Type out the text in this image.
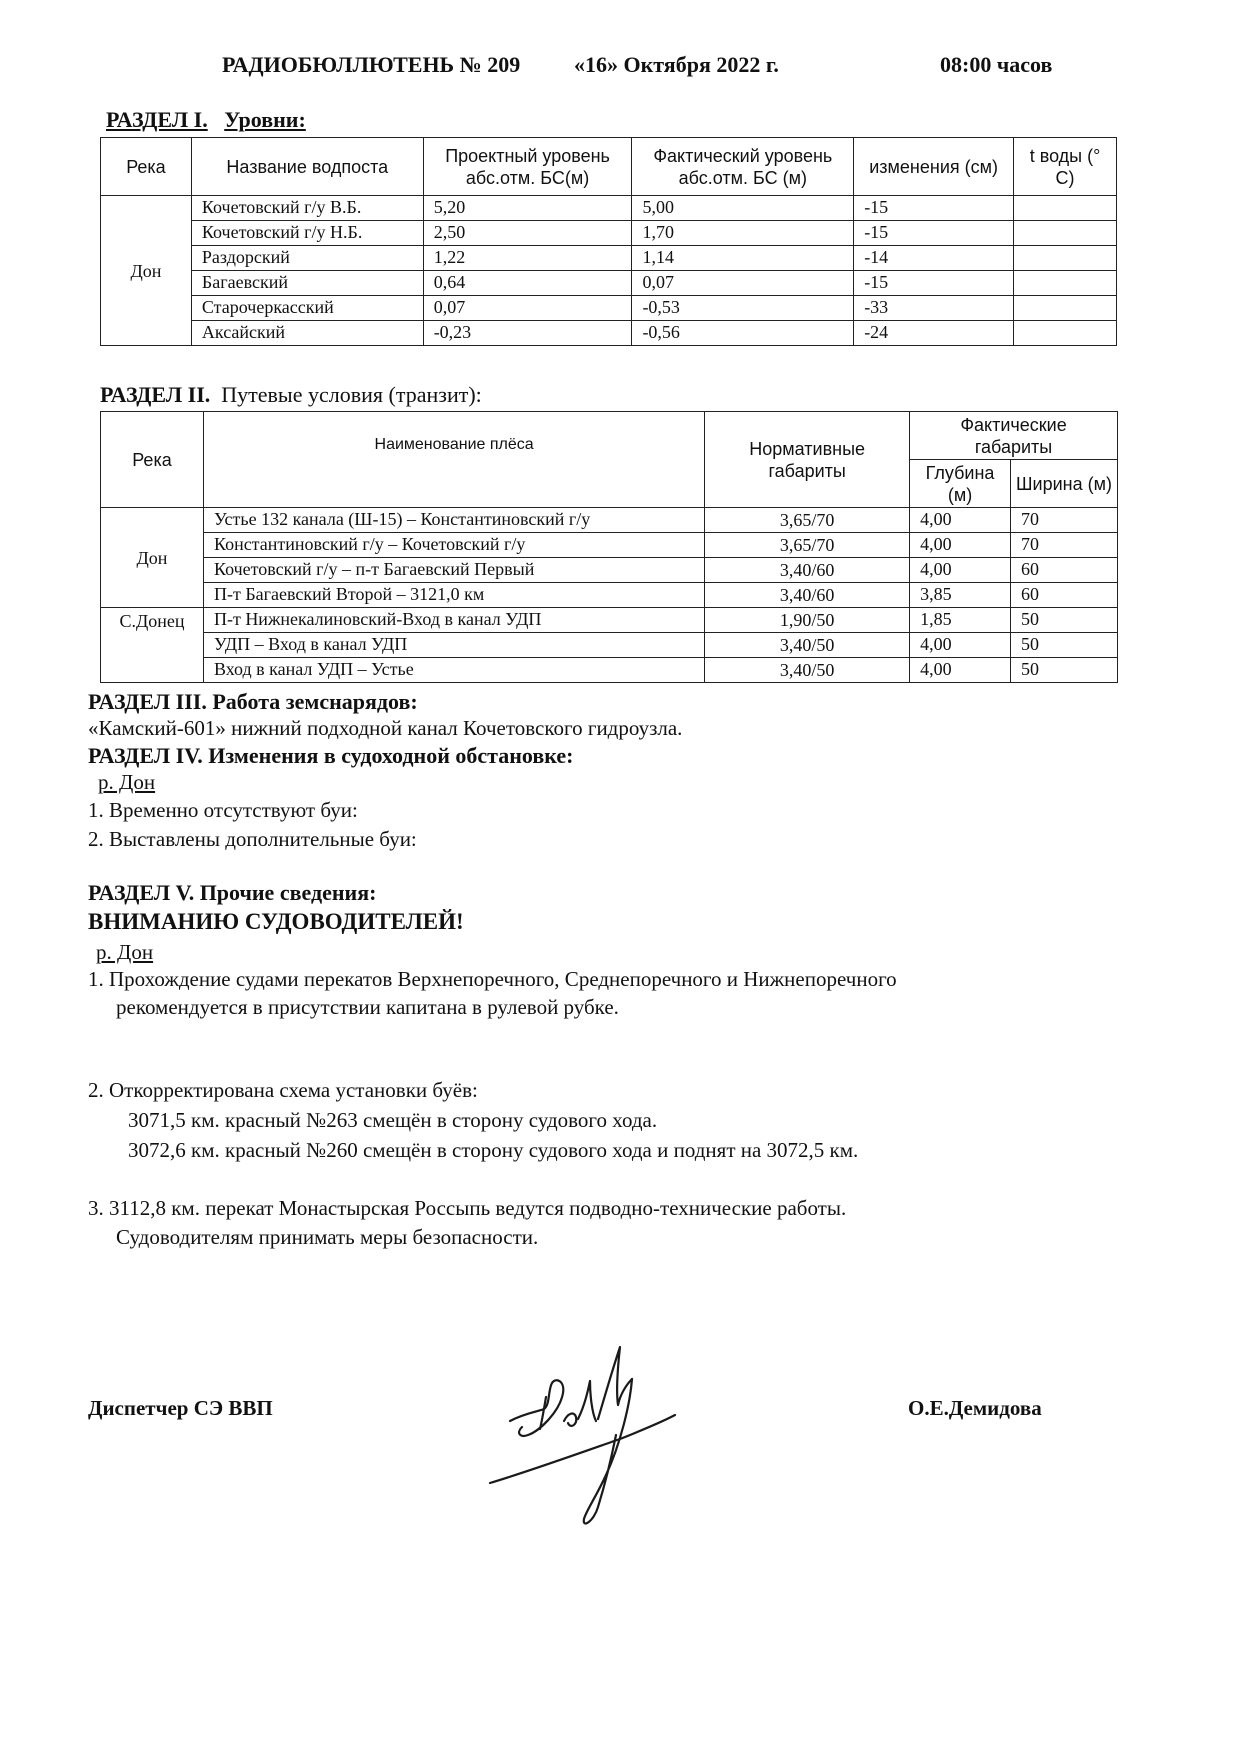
РАДИОБЮЛЛЮТЕНЬ № 209 «16» Октября 2022 г.	08:00 часов
РАЗДЕЛ I. Уровни:
Река	Название водпоста	Проектный уровень абс.отм. БС(м)	Фактический уровень абс.отм. БС (м)	изменения (см)	t воды (° С)
Дон	Кочетовский г/у В.Б.	5,20	5,00	-15	
	Кочетовский г/у Н.Б.	2,50	1,70	-15	
	Раздорский	1,22	1,14	-14	
	Багаевский	0,64	0,07	-15	
	Старочеркасский	0,07	-0,53	-33	
	Аксайский	-0,23	-0,56	-24	
РАЗДЕЛ II. Путевые условия (транзит):
Река	Наименование плёса	Нормативные габариты	Фактические габариты	
			Глубина (м)	Ширина (м)
Дон	Устье 132 канала (Ш-15) – Константиновский г/у	3,65/70	4,00	70
	Константиновский г/у – Кочетовский г/у	3,65/70	4,00	70
	Кочетовский г/у – п-т Багаевский Первый	3,40/60	4,00	60
	П-т Багаевский Второй – 3121,0 км	3,40/60	3,85	60
С.Донец	П-т Нижнекалиновский-Вход в канал УДП	1,90/50	1,85	50
	УДП – Вход в канал УДП	3,40/50	4,00	50
	Вход в канал УДП – Устье	3,40/50	4,00	50
РАЗДЕЛ III. Работа земснарядов:
«Камский-601» нижний подходной канал Кочетовского гидроузла.
РАЗДЕЛ IV. Изменения в судоходной обстановке:
р. Дон
1. Временно отсутствуют буи:
2. Выставлены дополнительные буи:
РАЗДЕЛ V. Прочие сведения:
ВНИМАНИЮ СУДОВОДИТЕЛЕЙ!
р. Дон
1. Прохождение судами перекатов Верхнепоречного, Среднепоречного и Нижнепоречного
рекомендуется в присутствии капитана в рулевой рубке.
2. Откорректирована схема установки буёв:
3071,5 км. красный №263 смещён в сторону судового хода.
3072,6 км. красный №260 смещён в сторону судового хода и поднят на 3072,5 км.
3. 3112,8 км. перекат Монастырская Россыпь ведутся подводно-технические работы.
Судоводителям принимать меры безопасности.
Диспетчер СЭ ВВП	О.Е.Демидова
